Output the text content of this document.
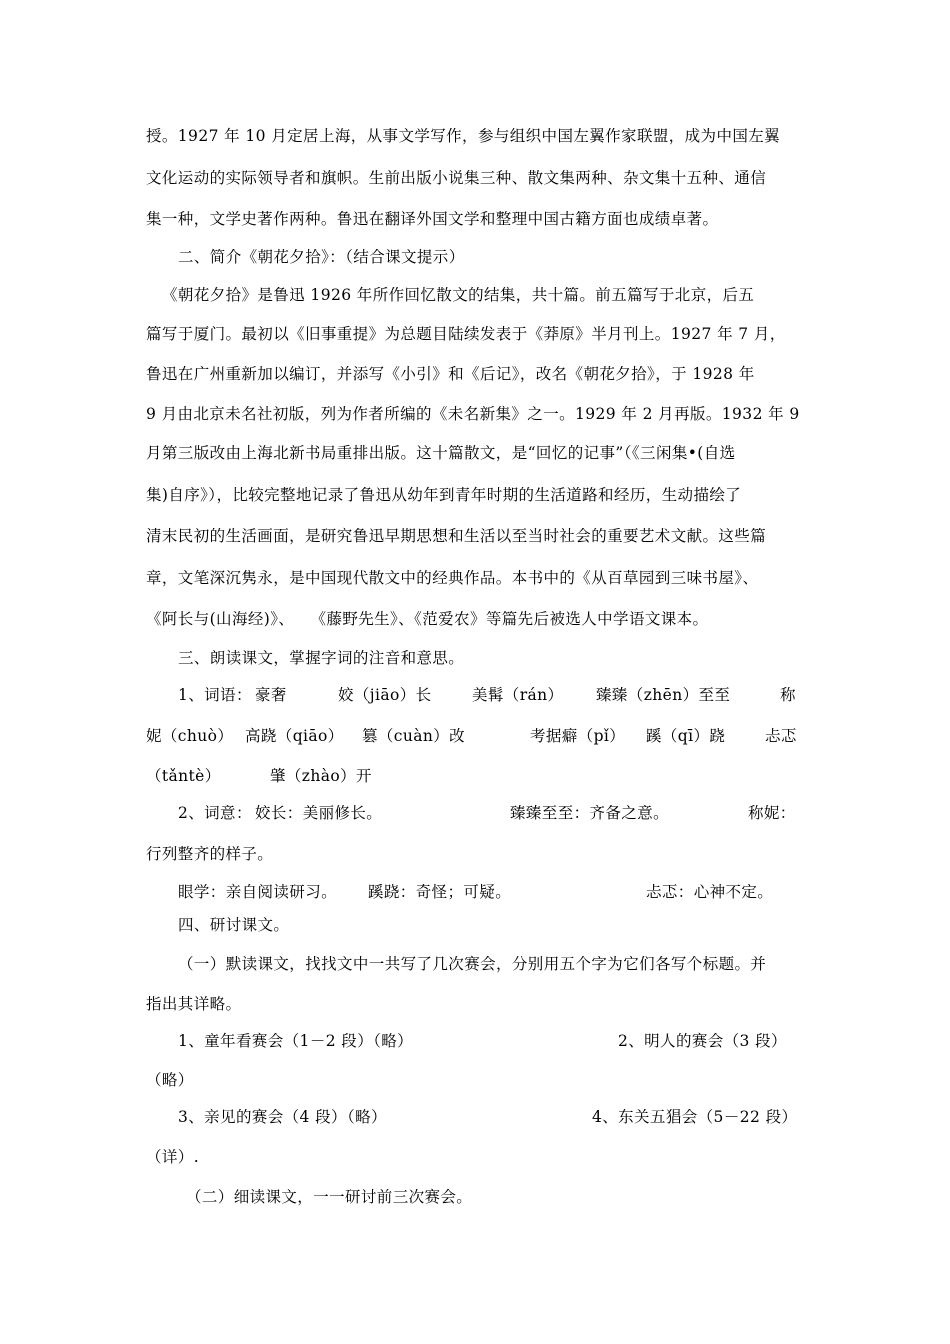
授。1927 年 10 月定居上海，从事文学写作，参与组织中国左翼作家联盟，成为中国左翼
文化运动的实际领导者和旗帜。生前出版小说集三种、散文集两种、杂文集十五种、通信
集一种，文学史著作两种。鲁迅在翻译外国文学和整理中国古籍方面也成绩卓著。
二、简介《朝花夕拾》：（结合课文提示）
《朝花夕拾》是鲁迅 1926 年所作回忆散文的结集，共十篇。前五篇写于北京，后五
篇写于厦门。最初以《旧事重提》为总题目陆续发表于《莽原》半月刊上。1927 年 7 月，
鲁迅在广州重新加以编订，并添写《小引》和《后记》，改名《朝花夕拾》，于 1928 年
9 月由北京未名社初版，列为作者所编的《未名新集》之一。1929 年 2 月再版。1932 年 9
月第三版改由上海北新书局重排出版。这十篇散文，是“回忆的记事”（《三闲集•(自选
集)自序》），比较完整地记录了鲁迅从幼年到青年时期的生活道路和经历，生动描绘了
清末民初的生活画面，是研究鲁迅早期思想和生活以至当时社会的重要艺术文献。这些篇
章，文笔深沉隽永，是中国现代散文中的经典作品。本书中的《从百草园到三味书屋》、
《阿长与(山海经)》、　　《藤野先生》、《范爱农》等篇先后被选人中学语文课本。
三、朗读课文，掌握字词的注音和意思。
1、词语： 豪奢	姣（jiāo）长	美髯（rán） 臻臻（zhēn）至至	称
妮（chuò） 高跷（qiāo） 篡（cuàn）改	考据癖（pǐ） 蹊（qī）跷	忐忑
（tǎntè）	肇（zhào）开
2、词意： 姣长：美丽修长。	臻臻至至：齐备之意。	称妮：
行列整齐的样子。
眼学：亲自阅读研习。 蹊跷：奇怪；可疑。	忐忑：心神不定。
四、研讨课文。
（一）默读课文，找找文中一共写了几次赛会，分别用五个字为它们各写个标题。并
指出其详略。
1、童年看赛会（1－2 段）（略）	2、明人的赛会（3 段）
（略）
3、亲见的赛会（4 段）（略）	4、东关五猖会（5－22 段）
（详）.
（二）细读课文，一一研讨前三次赛会。
